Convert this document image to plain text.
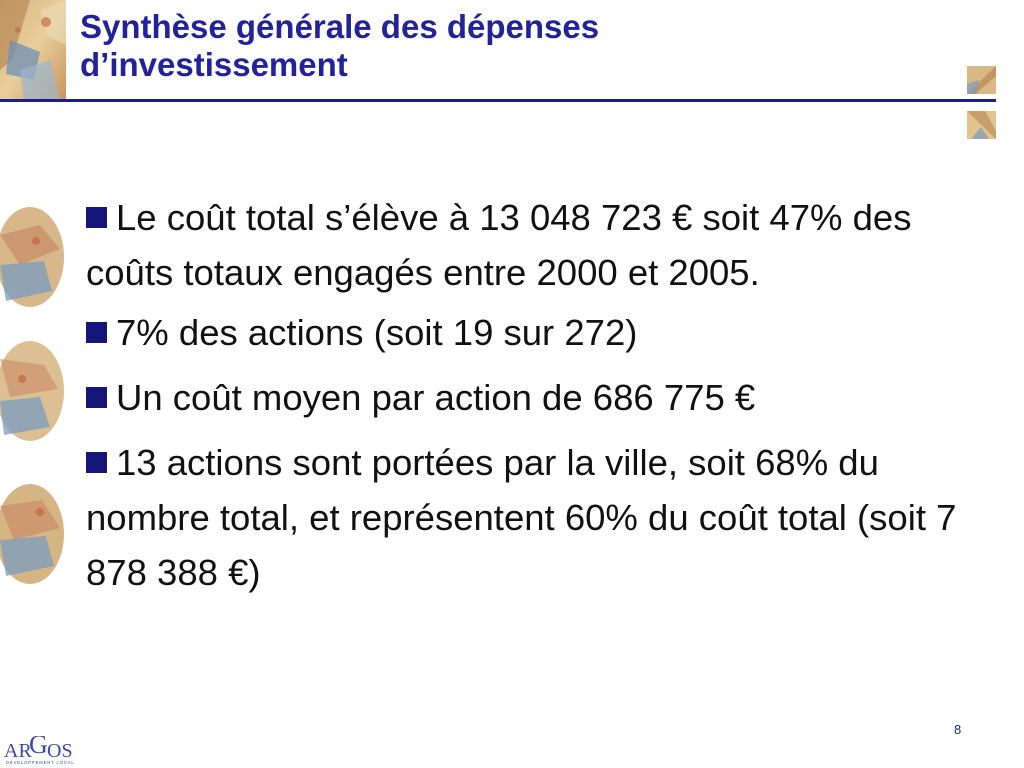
Synthèse générale des dépenses
d’investissement
Le coût total s’élève à 13 048 723 € soit 47% des coûts totaux engagés entre 2000 et 2005.
7% des actions (soit 19 sur 272)
Un coût moyen par action de 686 775 €
13 actions sont portées par la ville, soit 68% du nombre total, et représentent 60% du coût total (soit 7 878 388 €)
8
AR
G OS
DÉVELOPPEMENT LOCAL
